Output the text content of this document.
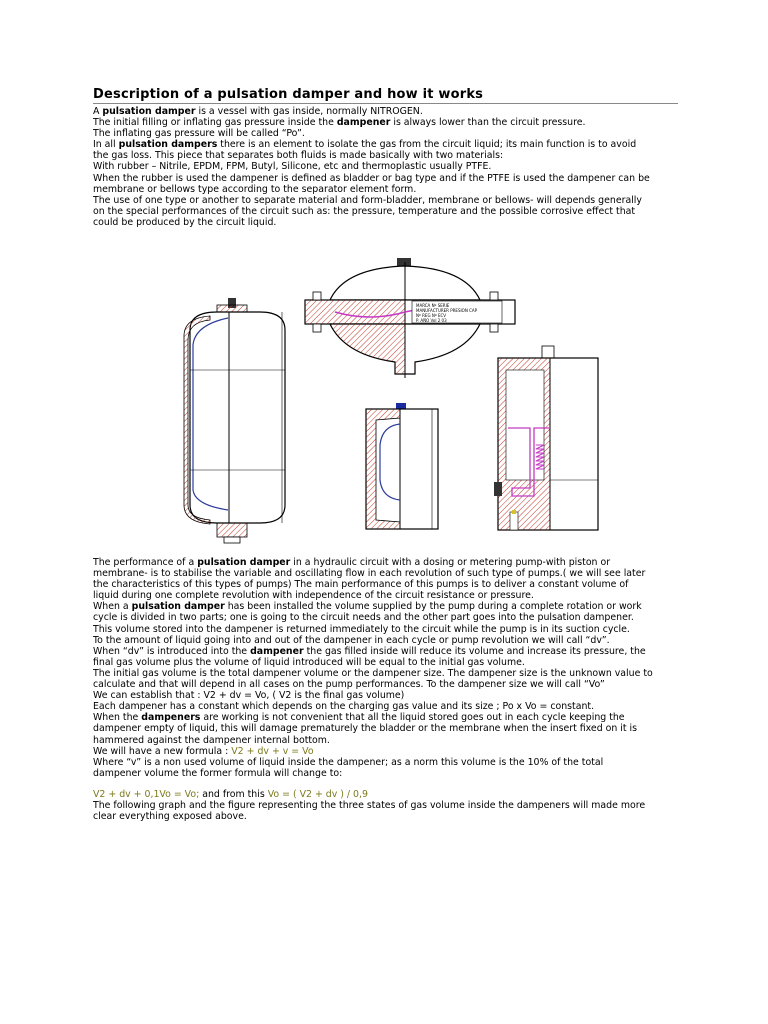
Description of a pulsation damper and how it works
A pulsation damper is a vessel with gas inside, normally NITROGEN.
The initial filling or inflating gas pressure inside the dampener is always lower than the circuit pressure.
The inflating gas pressure will be called “Po”.
In all pulsation dampers there is an element to isolate the gas from the circuit liquid; its main function is to avoid
the gas loss. This piece that separates both fluids is made basically with two materials:
With rubber – Nitrile, EPDM, FPM, Butyl, Silicone, etc and thermoplastic usually PTFE.
When the rubber is used the dampener is defined as bladder or bag type and if the PTFE is used the dampener can be
membrane or bellows type according to the separator element form.
The use of one type or another to separate material and form-bladder, membrane or bellows- will depends generally
on the special performances of the circuit such as: the pressure, temperature and the possible corrosive effect that
could be produced by the circuit liquid.
The performance of a pulsation damper in a hydraulic circuit with a dosing or metering pump-with piston or
membrane- is to stabilise the variable and oscillating flow in each revolution of such type of pumps.( we will see later
the characteristics of this types of pumps) The main performance of this pumps is to deliver a constant volume of
liquid during one complete revolution with independence of the circuit resistance or pressure.
When a pulsation damper has been installed the volume supplied by the pump during a complete rotation or work
cycle is divided in two parts; one is going to the circuit needs and the other part goes into the pulsation dampener.
This volume stored into the dampener is returned immediately to the circuit while the pump is in its suction cycle.
To the amount of liquid going into and out of the dampener in each cycle or pump revolution we will call “dv”.
When “dv” is introduced into the dampener the gas filled inside will reduce its volume and increase its pressure, the
final gas volume plus the volume of liquid introduced will be equal to the initial gas volume.
The initial gas volume is the total dampener volume or the dampener size. The dampener size is the unknown value to
calculate and that will depend in all cases on the pump performances. To the dampener size we will call “Vo”
We can establish that : V2 + dv = Vo, ( V2 is the final gas volume)
Each dampener has a constant which depends on the charging gas value and its size ; Po x Vo = constant.
When the dampeners are working is not convenient that all the liquid stored goes out in each cycle keeping the
dampener empty of liquid, this will damage prematurely the bladder or the membrane when the insert fixed on it is
hammered against the dampener internal bottom.
We will have a new formula : V2 + dv + v = Vo
Where “v” is a non used volume of liquid inside the dampener; as a norm this volume is the 10% of the total
dampener volume the former formula will change to:
V2 + dv + 0,1Vo = Vo; and from this Vo = ( V2 + dv ) / 0,9
The following graph and the figure representing the three states of gas volume inside the dampeners will made more
clear everything exposed above.
MARCA Nº SERIE
MANUFACTURER PRESION CAP
Nº REG Nº ECV
P. AÑO Vol 2 03
